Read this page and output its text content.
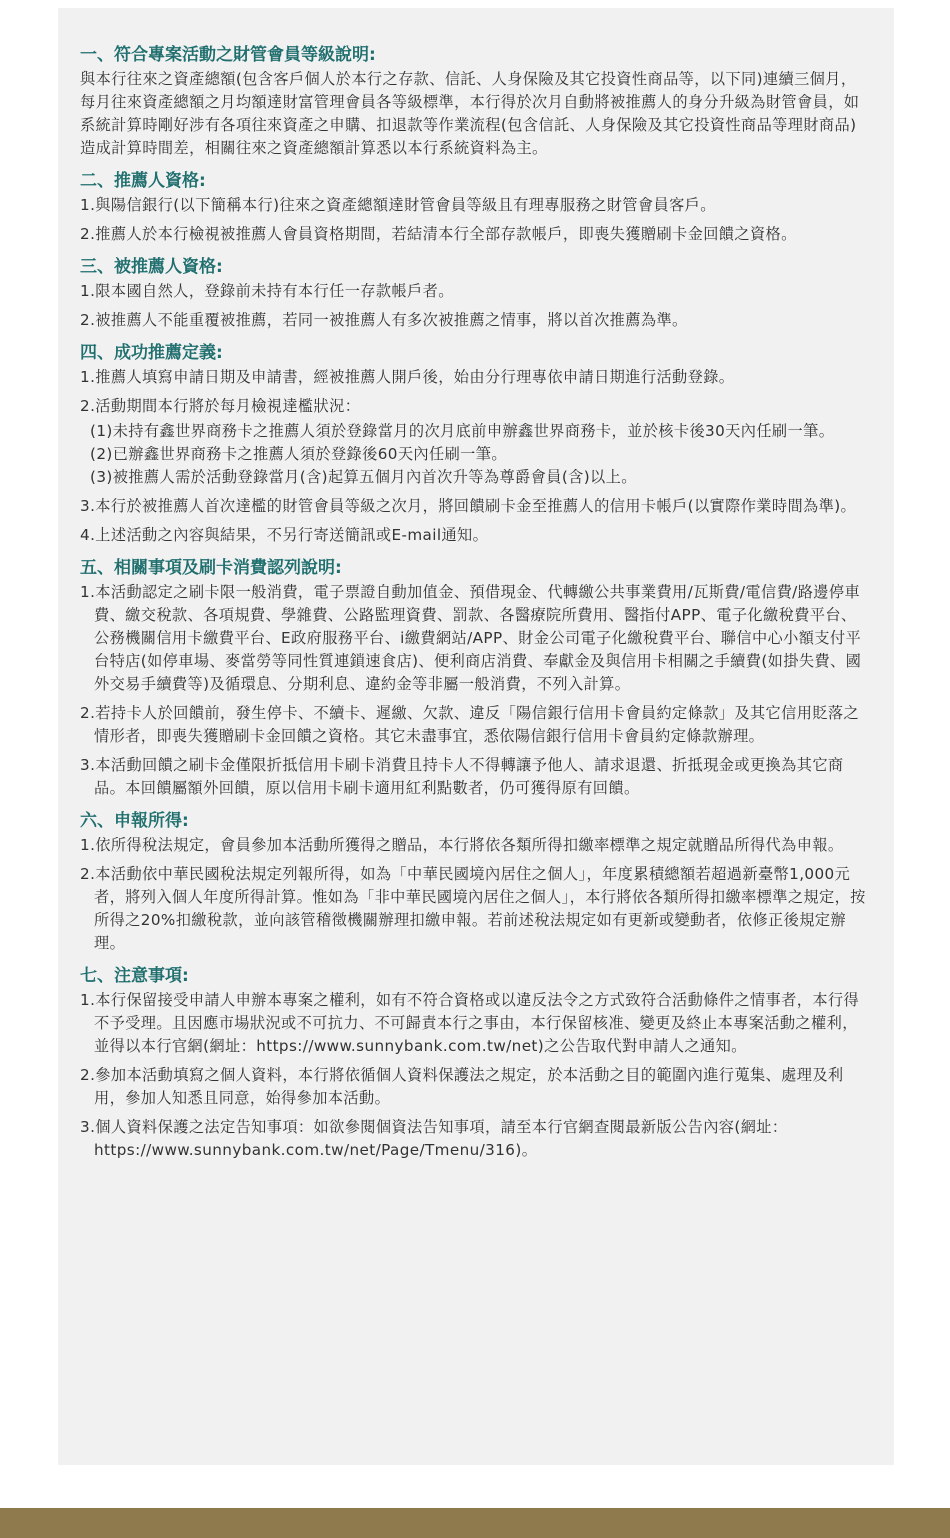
一、符合專案活動之財管會員等級說明:
與本行往來之資產總額(包含客戶個人於本行之存款、信託、人身保險及其它投資性商品等，以下同)連續三個月，每月往來資產總額之月均額達財富管理會員各等級標準，本行得於次月自動將被推薦人的身分升級為財管會員，如系統計算時剛好涉有各項往來資產之申購、扣退款等作業流程(包含信託、人身保險及其它投資性商品等理財商品)造成計算時間差，相關往來之資產總額計算悉以本行系統資料為主。
二、推薦人資格:
1.與陽信銀行(以下簡稱本行)往來之資產總額達財管會員等級且有理專服務之財管會員客戶。
2.推薦人於本行檢視被推薦人會員資格期間，若結清本行全部存款帳戶，即喪失獲贈刷卡金回饋之資格。
三、被推薦人資格:
1.限本國自然人，登錄前未持有本行任一存款帳戶者。
2.被推薦人不能重覆被推薦，若同一被推薦人有多次被推薦之情事，將以首次推薦為準。
四、成功推薦定義:
1.推薦人填寫申請日期及申請書，經被推薦人開戶後，始由分行理專依申請日期進行活動登錄。
2.活動期間本行將於每月檢視達檻狀況：
(1)未持有鑫世界商務卡之推薦人須於登錄當月的次月底前申辦鑫世界商務卡，並於核卡後30天內任刷一筆。
(2)已辦鑫世界商務卡之推薦人須於登錄後60天內任刷一筆。
(3)被推薦人需於活動登錄當月(含)起算五個月內首次升等為尊爵會員(含)以上。
3.本行於被推薦人首次達檻的財管會員等級之次月，將回饋刷卡金至推薦人的信用卡帳戶(以實際作業時間為準)。
4.上述活動之內容與結果，不另行寄送簡訊或E-mail通知。
五、相關事項及刷卡消費認列說明:
1.本活動認定之刷卡限一般消費，電子票證自動加值金、預借現金、代轉繳公共事業費用/瓦斯費/電信費/路邊停車費、繳交稅款、各項規費、學雜費、公路監理資費、罰款、各醫療院所費用、醫指付APP、電子化繳稅費平台、公務機關信用卡繳費平台、E政府服務平台、i繳費網站/APP、財金公司電子化繳稅費平台、聯信中心小額支付平台特店(如停車場、麥當勞等同性質連鎖速食店)、便利商店消費、奉獻金及與信用卡相關之手續費(如掛失費、國外交易手續費等)及循環息、分期利息、違約金等非屬一般消費，不列入計算。
2.若持卡人於回饋前，發生停卡、不續卡、遲繳、欠款、違反「陽信銀行信用卡會員約定條款」及其它信用貶落之情形者，即喪失獲贈刷卡金回饋之資格。其它未盡事宜，悉依陽信銀行信用卡會員約定條款辦理。
3.本活動回饋之刷卡金僅限折抵信用卡刷卡消費且持卡人不得轉讓予他人、請求退還、折抵現金或更換為其它商品。本回饋屬額外回饋，原以信用卡刷卡適用紅利點數者，仍可獲得原有回饋。
六、申報所得:
1.依所得稅法規定，會員參加本活動所獲得之贈品，本行將依各類所得扣繳率標準之規定就贈品所得代為申報。
2.本活動依中華民國稅法規定列報所得，如為「中華民國境內居住之個人」，年度累積總額若超過新臺幣1,000元者，將列入個人年度所得計算。惟如為「非中華民國境內居住之個人」，本行將依各類所得扣繳率標準之規定，按所得之20%扣繳稅款，並向該管稽徵機關辦理扣繳申報。若前述稅法規定如有更新或變動者，依修正後規定辦理。
七、注意事項:
1.本行保留接受申請人申辦本專案之權利，如有不符合資格或以違反法令之方式致符合活動條件之情事者，本行得不予受理。且因應市場狀況或不可抗力、不可歸責本行之事由，本行保留核准、變更及終止本專案活動之權利，並得以本行官網(網址：https://www.sunnybank.com.tw/net)之公告取代對申請人之通知。
2.參加本活動填寫之個人資料，本行將依循個人資料保護法之規定，於本活動之目的範圍內進行蒐集、處理及利用，參加人知悉且同意，始得參加本活動。
3.個人資料保護之法定告知事項：如欲參閱個資法告知事項，請至本行官網查閱最新版公告內容(網址：https://www.sunnybank.com.tw/net/Page/Tmenu/316)。
